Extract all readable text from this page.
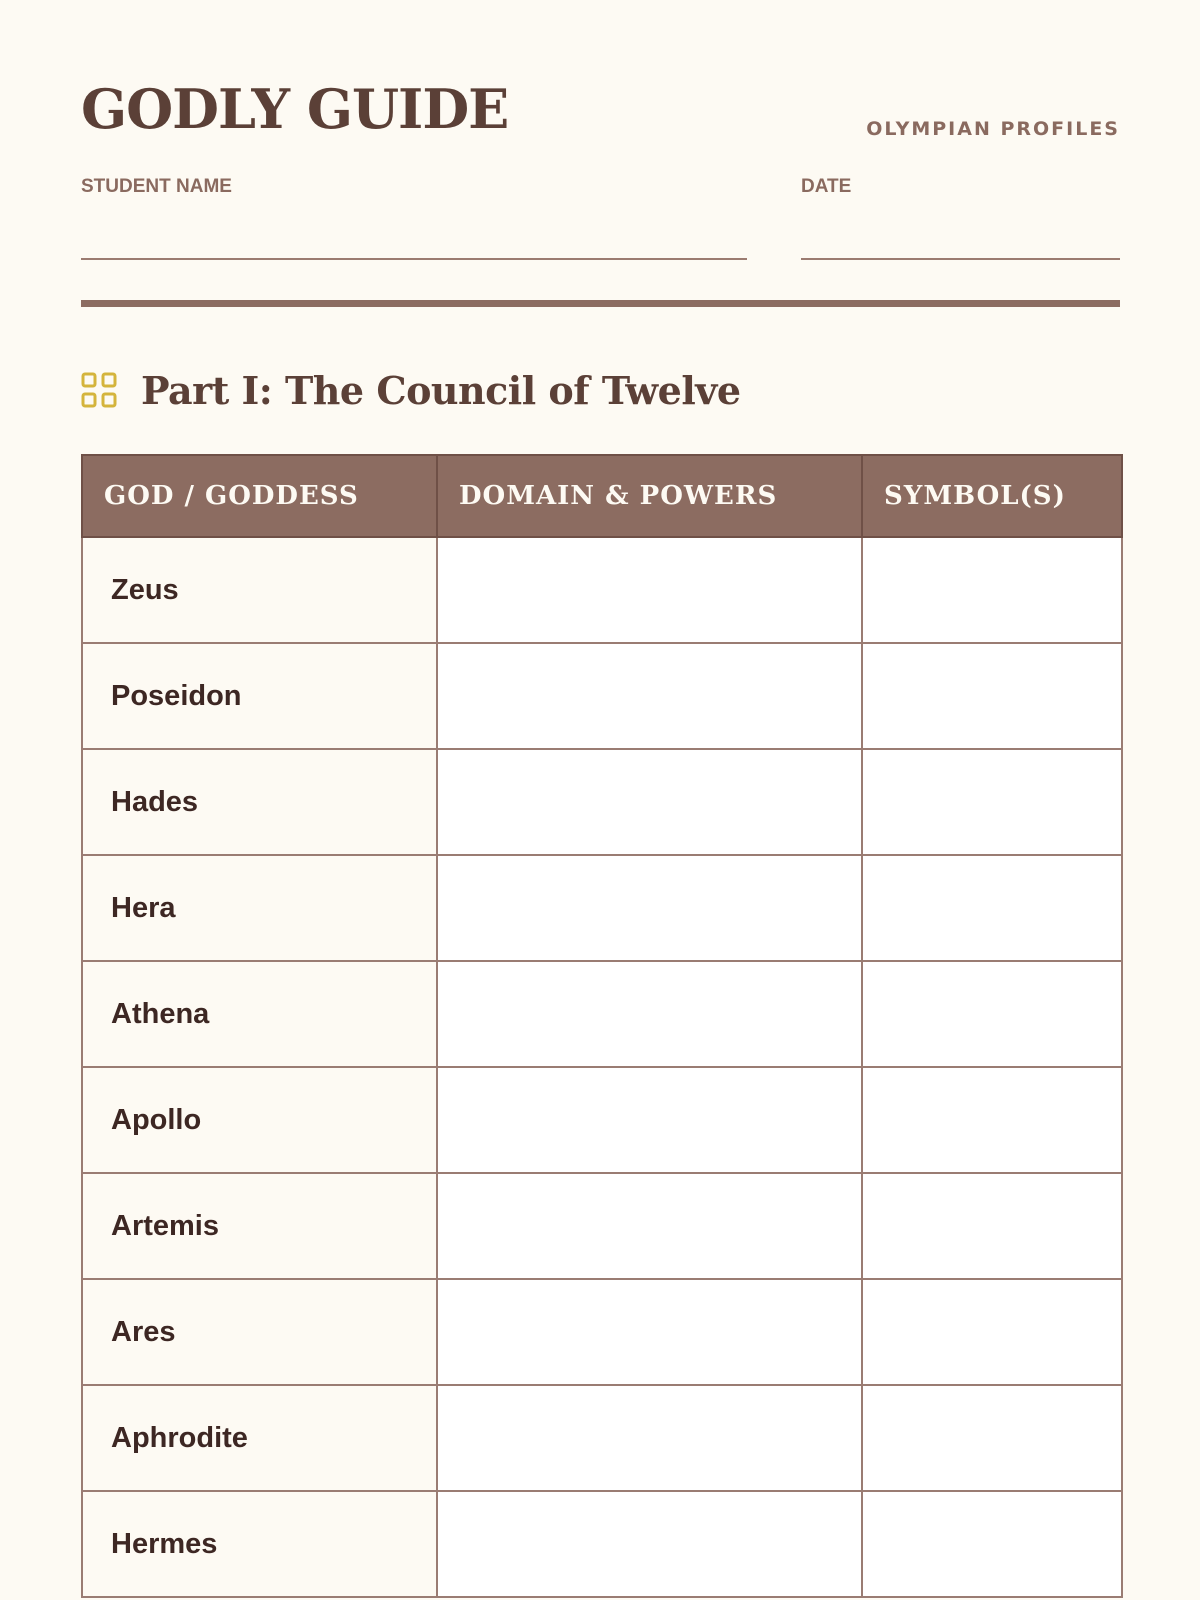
GODLY GUIDE	OLYMPIAN PROFILES
STUDENT NAME	DATE
Part I: The Council of Twelve
GOD / GODDESS	DOMAIN & POWERS	SYMBOL(S)
Zeus		
Poseidon		
Hades		
Hera		
Athena		
Apollo		
Artemis		
Ares		
Aphrodite		
Hermes		
